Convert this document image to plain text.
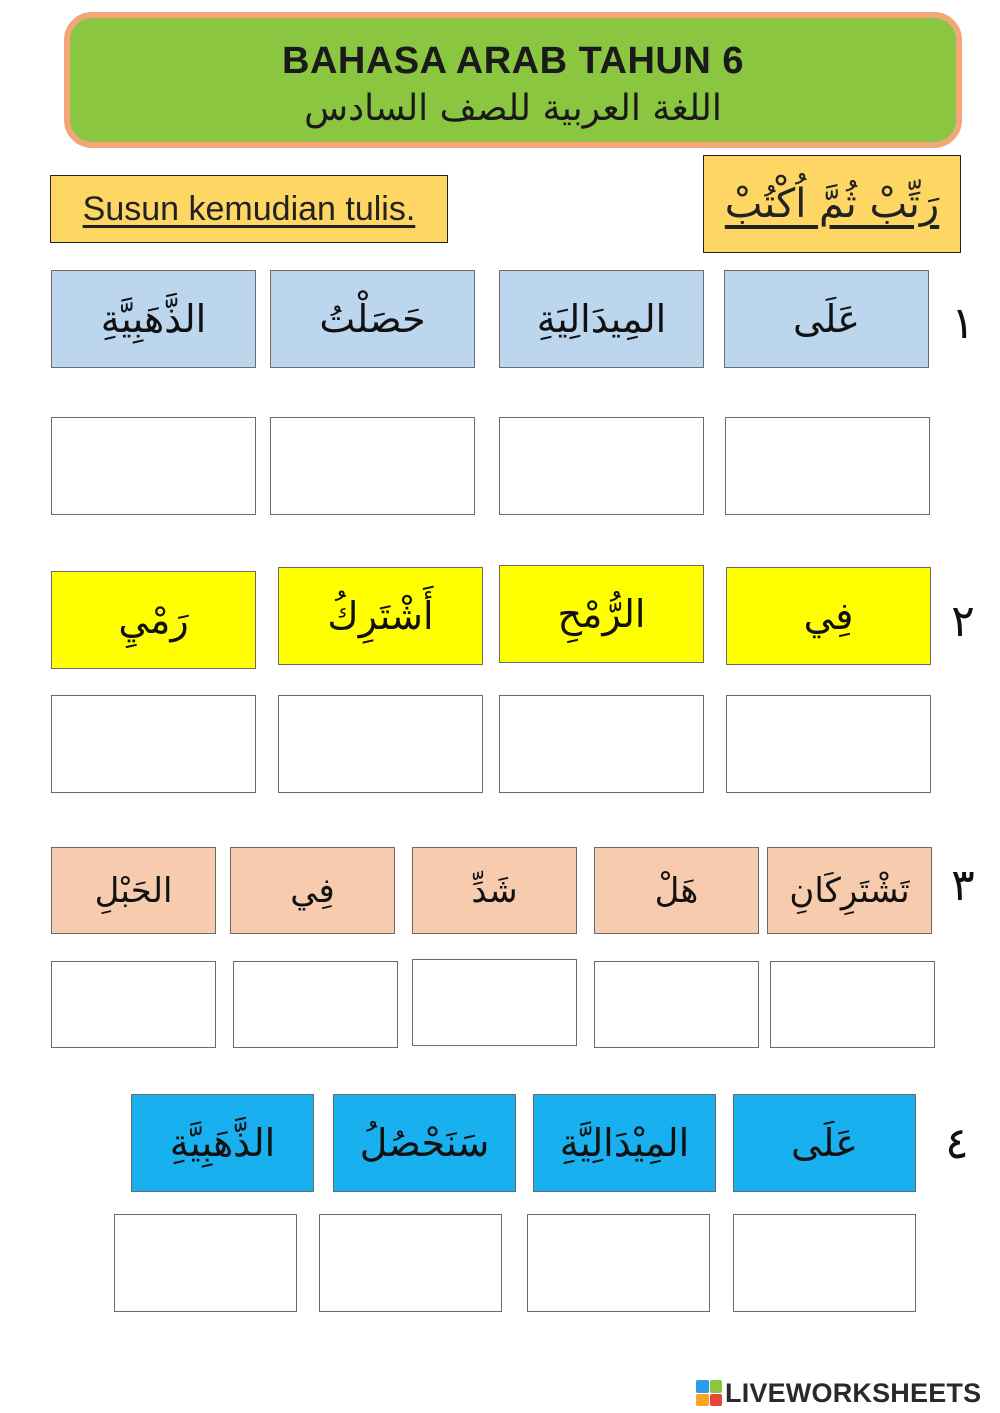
BAHASA ARAB TAHUN 6
اللغة العربية للصف السادس
Susun kemudian tulis.	رَتِّبْ ثُمَّ اُكْتُبْ
١
عَلَى
المِيدَالِيَةِ
حَصَلْتُ
الذَّهَبِيَّةِ
٢
فِي
الرُّمْحِ
أَشْتَرِكُ
رَمْيِ
٣
تَشْتَرِكَانِ
هَلْ
شَدِّ
فِي
الحَبْلِ
٤
عَلَى
المِيْدَالِيَّةِ
سَنَحْصُلُ
الذَّهَبِيَّةِ
LIVEWORKSHEETS
